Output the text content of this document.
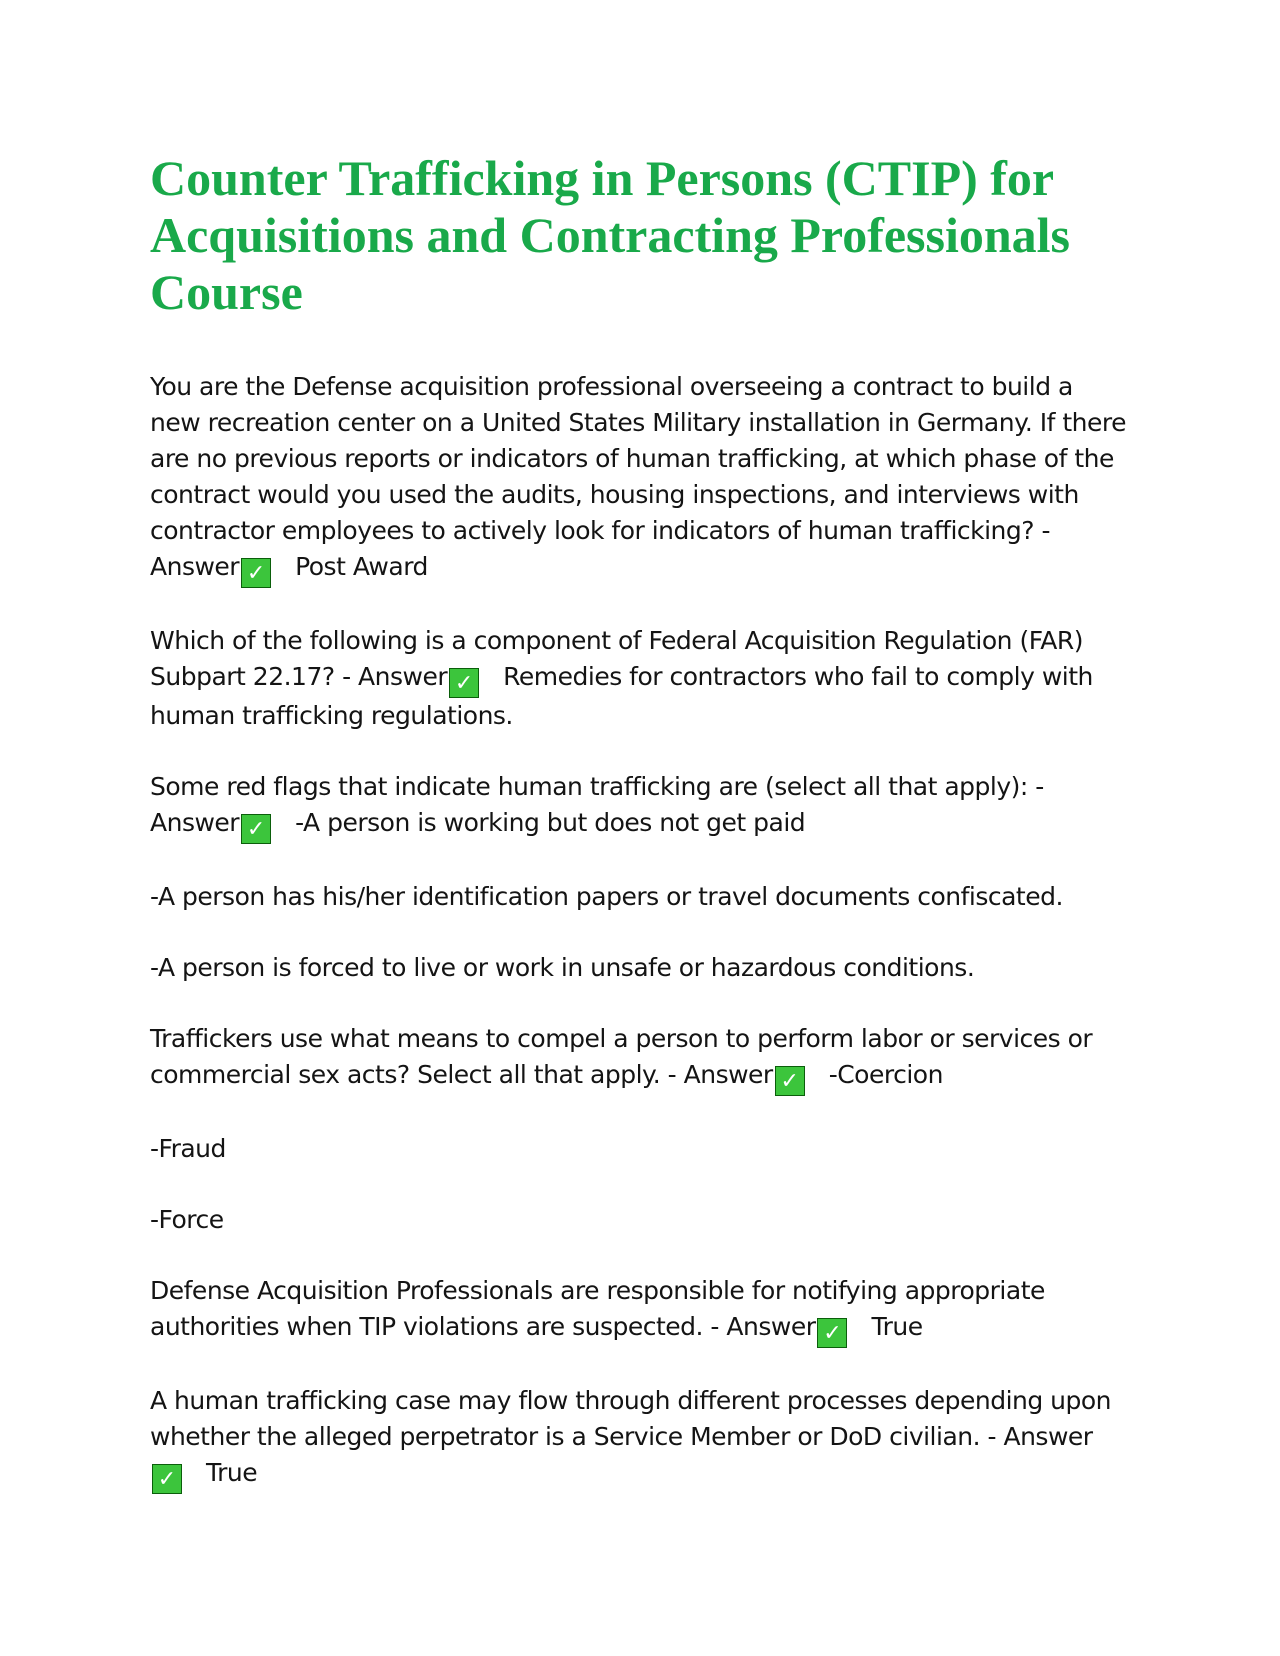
Counter Trafficking in Persons (CTIP) for Acquisitions and Contracting Professionals Course

You are the Defense acquisition professional overseeing a contract to build a new recreation center on a United States Military installation in Germany. If there are no previous reports or indicators of human trafficking, at which phase of the contract would you used the audits, housing inspections, and interviews with contractor employees to actively look for indicators of human trafficking? - Answer ✓ Post Award

Which of the following is a component of Federal Acquisition Regulation (FAR) Subpart 22.17? - Answer ✓ Remedies for contractors who fail to comply with human trafficking regulations.

Some red flags that indicate human trafficking are (select all that apply): - Answer ✓ -A person is working but does not get paid

-A person has his/her identification papers or travel documents confiscated.

-A person is forced to live or work in unsafe or hazardous conditions.

Traffickers use what means to compel a person to perform labor or services or commercial sex acts? Select all that apply. - Answer ✓ -Coercion

-Fraud

-Force

Defense Acquisition Professionals are responsible for notifying appropriate authorities when TIP violations are suspected. - Answer ✓ True

A human trafficking case may flow through different processes depending upon whether the alleged perpetrator is a Service Member or DoD civilian. - Answer✓ True
